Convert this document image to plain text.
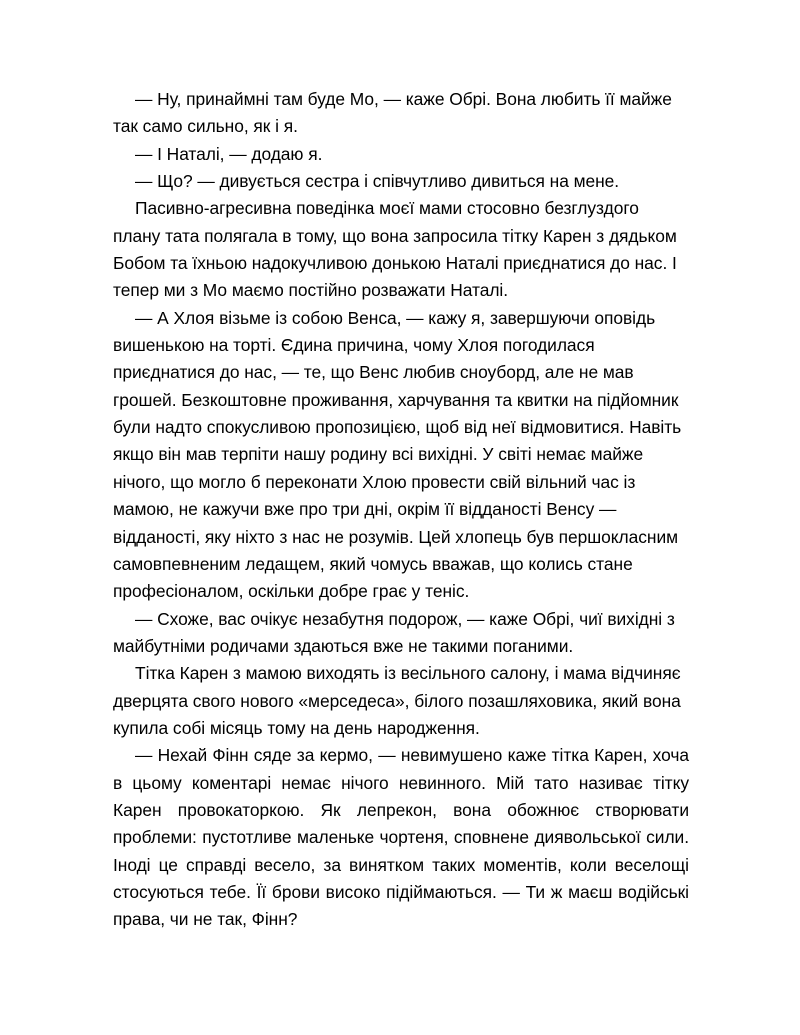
— Ну, принаймні там буде Мо, — каже Обрі. Вона любить її майже так само сильно, як і я.

— І Наталі, — додаю я.

— Що? — дивується сестра і співчутливо дивиться на мене.

Пасивно-агресивна поведінка моєї мами стосовно безглуздого плану тата полягала в тому, що вона запросила тітку Карен з дядьком Бобом та їхньою надокучливою донькою Наталі приєднатися до нас. І тепер ми з Мо маємо постійно розважати Наталі.

— А Хлоя візьме із собою Венса, — кажу я, завершуючи оповідь вишенькою на торті. Єдина причина, чому Хлоя погодилася приєднатися до нас, — те, що Венс любив сноуборд, але не мав грошей. Безкоштовне проживання, харчування та квитки на підйомник були надто спокусливою пропозицією, щоб від неї відмовитися. Навіть якщо він мав терпіти нашу родину всі вихідні. У світі немає майже нічого, що могло б переконати Хлою провести свій вільний час із мамою, не кажучи вже про три дні, окрім її відданості Венсу — відданості, яку ніхто з нас не розумів. Цей хлопець був першокласним самовпевненим ледащем, який чомусь вважав, що колись стане професіоналом, оскільки добре грає у теніс.

— Схоже, вас очікує незабутня подорож, — каже Обрі, чиї вихідні з майбутніми родичами здаються вже не такими поганими.

Тітка Карен з мамою виходять із весільного салону, і мама відчиняє дверцята свого нового «мерседеса», білого позашляховика, який вона купила собі місяць тому на день народження.

— Нехай Фінн сяде за кермо, — невимушено каже тітка Карен, хоча в цьому коментарі немає нічого невинного. Мій тато називає тітку Карен провокаторкою. Як лепрекон, вона обожнює створювати проблеми: пустотливе маленьке чортеня, сповнене диявольської сили. Іноді це справді весело, за винятком таких моментів, коли веселощі стосуються тебе. Її брови високо підіймаються. — Ти ж маєш водійські права, чи не так, Фінн?
